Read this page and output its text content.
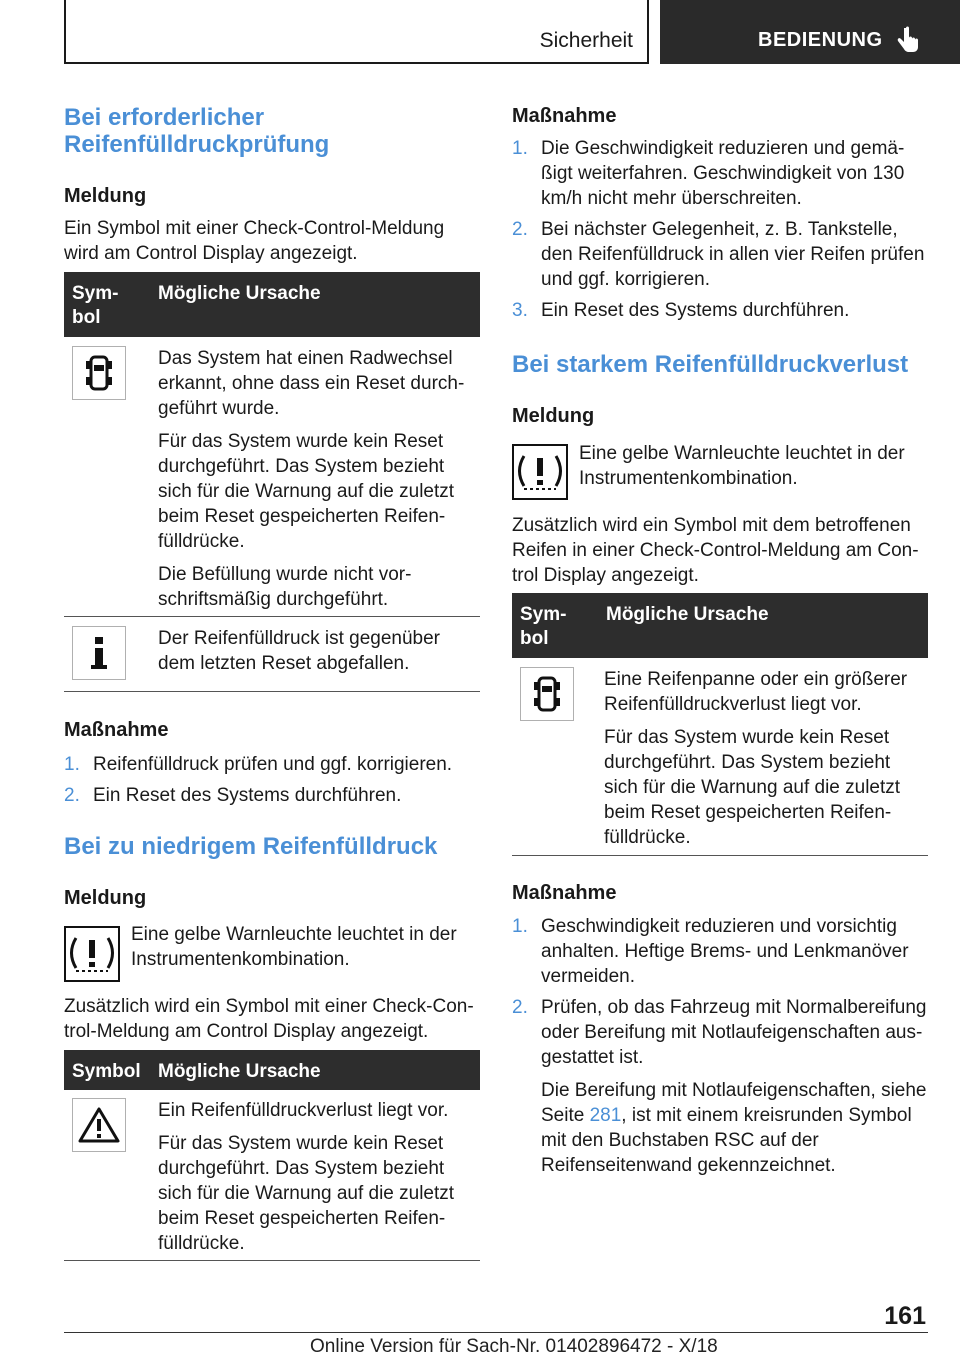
Sicherheit	BEDIENUNG
Bei erforderlicher Reifenfülldruckprüfung
Meldung
Ein Symbol mit einer Check-Control-Meldung wird am Control Display angezeigt.
Sym-
bol
Mögliche Ursache
Das System hat einen Radwechsel erkannt, ohne dass ein Reset durch-geführt wurde.
Für das System wurde kein Reset durchgeführt. Das System bezieht sich für die Warnung auf die zuletzt beim Reset gespeicherten Reifen-fülldrücke.
Die Befüllung wurde nicht vor-schriftsmäßig durchgeführt.
Der Reifenfülldruck ist gegenüber dem letzten Reset abgefallen.
Maßnahme
1. Reifenfülldruck prüfen und ggf. korrigieren.
2. Ein Reset des Systems durchführen.
Bei zu niedrigem Reifenfülldruck
Meldung
Eine gelbe Warnleuchte leuchtet in der Instrumentenkombination.
Zusätzlich wird ein Symbol mit einer Check-Con-trol-Meldung am Control Display angezeigt.
Symbol Mögliche Ursache
Ein Reifenfülldruckverlust liegt vor.
Für das System wurde kein Reset durchgeführt. Das System bezieht sich für die Warnung auf die zuletzt beim Reset gespeicherten Reifen-fülldrücke.
Maßnahme
1. Die Geschwindigkeit reduzieren und gemä-ßigt weiterfahren. Geschwindigkeit von 130 km/h nicht mehr überschreiten.
2. Bei nächster Gelegenheit, z. B. Tankstelle, den Reifenfülldruck in allen vier Reifen prüfen und ggf. korrigieren.
3. Ein Reset des Systems durchführen.
Bei starkem Reifenfülldruckverlust
Meldung
Eine gelbe Warnleuchte leuchtet in der Instrumentenkombination.
Zusätzlich wird ein Symbol mit dem betroffenen Reifen in einer Check-Control-Meldung am Con-trol Display angezeigt.
Sym-
bol
Mögliche Ursache
Eine Reifenpanne oder ein größerer Reifenfülldruckverlust liegt vor.
Für das System wurde kein Reset durchgeführt. Das System bezieht sich für die Warnung auf die zuletzt beim Reset gespeicherten Reifen-fülldrücke.
Maßnahme
1. Geschwindigkeit reduzieren und vorsichtig anhalten. Heftige Brems- und Lenkmanöver vermeiden.
2. Prüfen, ob das Fahrzeug mit Normalbereifung oder Bereifung mit Notlaufeigenschaften aus-gestattet ist.
Die Bereifung mit Notlaufeigenschaften, siehe Seite 281, ist mit einem kreisrunden Symbol mit den Buchstaben RSC auf der Reifenseitenwand gekennzeichnet.
161
Online Version für Sach-Nr. 01402896472 - X/18
